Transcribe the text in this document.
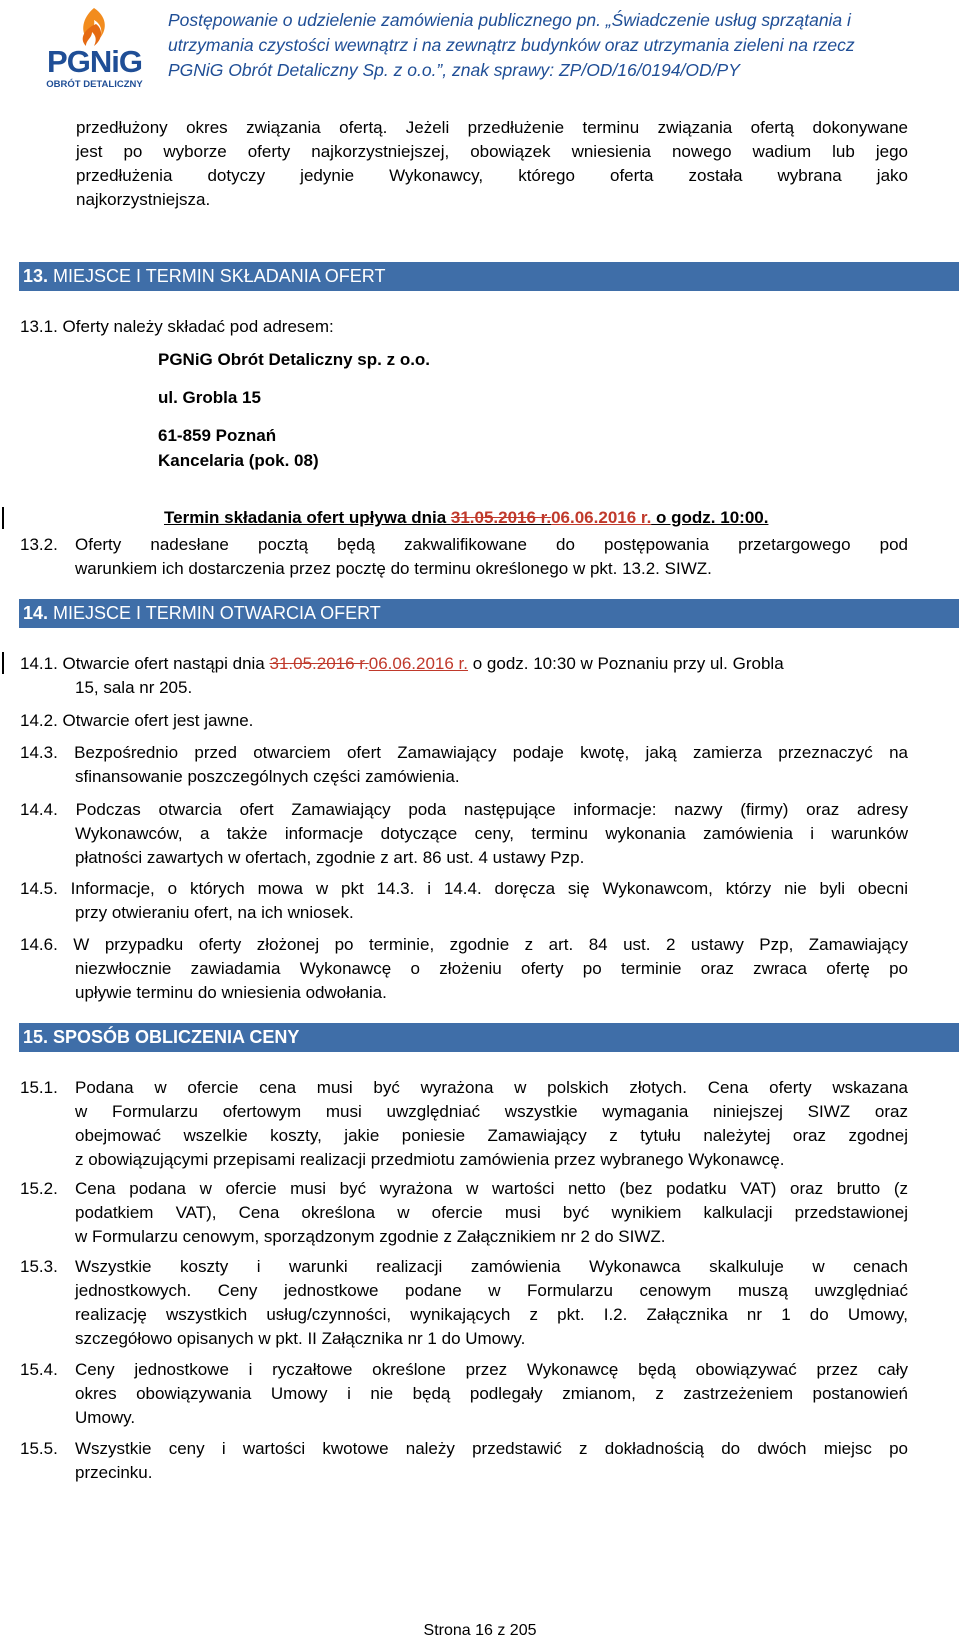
PGNiG
OBRÓT DETALICZNY
Postępowanie o udzielenie zamówienia publicznego pn. „Świadczenie usług sprzątania i
utrzymania czystości wewnątrz i na zewnątrz budynków oraz utrzymania zieleni na rzecz
PGNiG Obrót Detaliczny Sp. z o.o.”, znak sprawy: ZP/OD/16/0194/OD/PY
przedłużony okres związania ofertą. Jeżeli przedłużenie terminu związania ofertą dokonywane
jest po wyborze oferty najkorzystniejszej, obowiązek wniesienia nowego wadium lub jego
przedłużenia dotyczy jedynie Wykonawcy, którego oferta została wybrana jako
najkorzystniejsza.
13. MIEJSCE I TERMIN SKŁADANIA OFERT
13.1. Oferty należy składać pod adresem:
PGNiG Obrót Detaliczny sp. z o.o.
ul. Grobla 15
61-859 Poznań
Kancelaria (pok. 08)
Termin składania ofert upływa dnia 31.05.2016 r.06.06.2016 r. o godz. 10:00.
13.2. Oferty nadesłane pocztą będą zakwalifikowane do postępowania przetargowego pod
warunkiem ich dostarczenia przez pocztę do terminu określonego w pkt. 13.2. SIWZ.
14. MIEJSCE I TERMIN OTWARCIA OFERT
14.1. Otwarcie ofert nastąpi dnia 31.05.2016 r.06.06.2016 r. o godz. 10:30 w Poznaniu przy ul. Grobla
15, sala nr 205.
14.2. Otwarcie ofert jest jawne.
14.3. Bezpośrednio przed otwarciem ofert Zamawiający podaje kwotę, jaką zamierza przeznaczyć na
sfinansowanie poszczególnych części zamówienia.
14.4. Podczas otwarcia ofert Zamawiający poda następujące informacje: nazwy (firmy) oraz adresy
Wykonawców, a także informacje dotyczące ceny, terminu wykonania zamówienia i warunków
płatności zawartych w ofertach, zgodnie z art. 86 ust. 4 ustawy Pzp.
14.5. Informacje, o których mowa w pkt 14.3. i 14.4. doręcza się Wykonawcom, którzy nie byli obecni
przy otwieraniu ofert, na ich wniosek.
14.6. W przypadku oferty złożonej po terminie, zgodnie z art. 84 ust. 2 ustawy Pzp, Zamawiający
niezwłocznie zawiadamia Wykonawcę o złożeniu oferty po terminie oraz zwraca ofertę po
upływie terminu do wniesienia odwołania.
15. SPOSÓB OBLICZENIA CENY
15.1. Podana w ofercie cena musi być wyrażona w polskich złotych. Cena oferty wskazana
w Formularzu ofertowym musi uwzględniać wszystkie wymagania niniejszej SIWZ oraz
obejmować wszelkie koszty, jakie poniesie Zamawiający z tytułu należytej oraz zgodnej
z obowiązującymi przepisami realizacji przedmiotu zamówienia przez wybranego Wykonawcę.
15.2. Cena podana w ofercie musi być wyrażona w wartości netto (bez podatku VAT) oraz brutto (z
podatkiem VAT), Cena określona w ofercie musi być wynikiem kalkulacji przedstawionej
w Formularzu cenowym, sporządzonym zgodnie z Załącznikiem nr 2 do SIWZ.
15.3. Wszystkie koszty i warunki realizacji zamówienia Wykonawca skalkuluje w cenach
jednostkowych. Ceny jednostkowe podane w Formularzu cenowym muszą uwzględniać
realizację wszystkich usług/czynności, wynikających z pkt. I.2. Załącznika nr 1 do Umowy,
szczegółowo opisanych w pkt. II Załącznika nr 1 do Umowy.
15.4. Ceny jednostkowe i ryczałtowe określone przez Wykonawcę będą obowiązywać przez cały
okres obowiązywania Umowy i nie będą podlegały zmianom, z zastrzeżeniem postanowień
Umowy.
15.5. Wszystkie ceny i wartości kwotowe należy przedstawić z dokładnością do dwóch miejsc po
przecinku.
Strona 16 z 205
